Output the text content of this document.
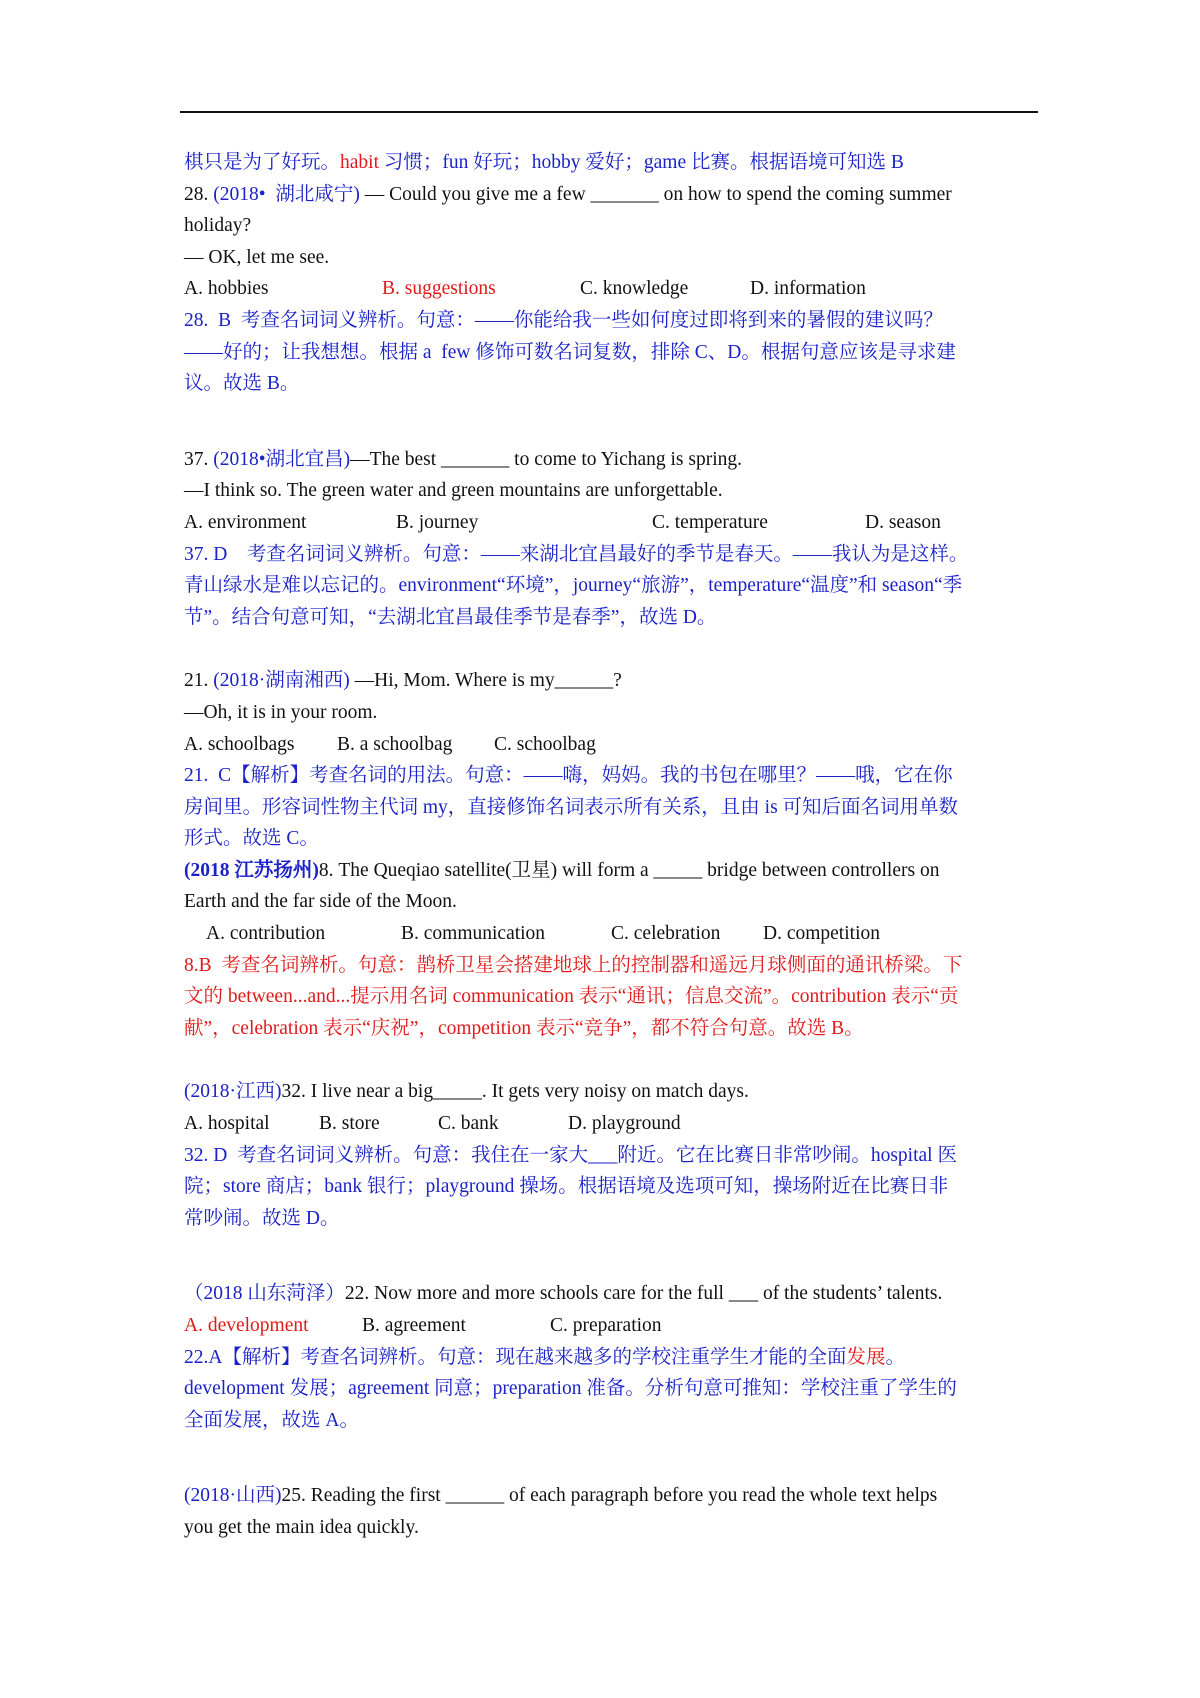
棋只是为了好玩。habit 习惯；fun 好玩；hobby 爱好；game 比赛。根据语境可知选 B
28. (2018•  湖北咸宁) — Could you give me a few _______ on how to spend the coming summer
holiday?
— OK, let me see.
A. hobbies	B. suggestions	C. knowledge	D. information
28.  B  考查名词词义辨析。句意：——你能给我一些如何度过即将到来的暑假的建议吗？
——好的；让我想想。根据 a  few 修饰可数名词复数，排除 C、D。根据句意应该是寻求建
议。故选 B。
37. (2018•湖北宜昌)—The best _______ to come to Yichang is spring.
—I think so. The green water and green mountains are unforgettable.
A. environment	B. journey	C. temperature	D. season
37. D    考查名词词义辨析。句意：——来湖北宜昌最好的季节是春天。——我认为是这样。
青山绿水是难以忘记的。environment“环境”，journey“旅游”，temperature“温度”和 season“季
节”。结合句意可知，“去湖北宜昌最佳季节是春季”，故选 D。
21. (2018·湖南湘西) —Hi, Mom. Where is my______?
—Oh, it is in your room.
A. schoolbags B. a schoolbag C. schoolbag
21.  C【解析】考查名词的用法。句意：——嗨，妈妈。我的书包在哪里？——哦，它在你
房间里。形容词性物主代词 my，直接修饰名词表示所有关系，且由 is 可知后面名词用单数
形式。故选 C。
(2018 江苏扬州)8. The Queqiao satellite(卫星) will form a _____ bridge between controllers on
Earth and the far side of the Moon.
A. contribution	B. communication	C. celebration D. competition
8.B  考查名词辨析。句意：鹊桥卫星会搭建地球上的控制器和遥远月球侧面的通讯桥梁。下
文的 between...and...提示用名词 communication 表示“通讯；信息交流”。contribution 表示“贡
献”，celebration 表示“庆祝”，competition 表示“竞争”，都不符合句意。故选 B。
(2018·江西)32. I live near a big_____. It gets very noisy on match days.
A. hospital	B. store	C. bank	D. playground
32. D  考查名词词义辨析。句意：我住在一家大___附近。它在比赛日非常吵闹。hospital 医
院；store 商店；bank 银行；playground 操场。根据语境及选项可知，操场附近在比赛日非
常吵闹。故选 D。
（2018 山东菏泽）22. Now more and more schools care for the full ___ of the students’ talents.
A. development	B. agreement	C. preparation
22.A【解析】考查名词辨析。句意：现在越来越多的学校注重学生才能的全面发展。
development 发展；agreement 同意；preparation 准备。分析句意可推知：学校注重了学生的
全面发展，故选 A。
(2018·山西)25. Reading the first ______ of each paragraph before you read the whole text helps
you get the main idea quickly.
